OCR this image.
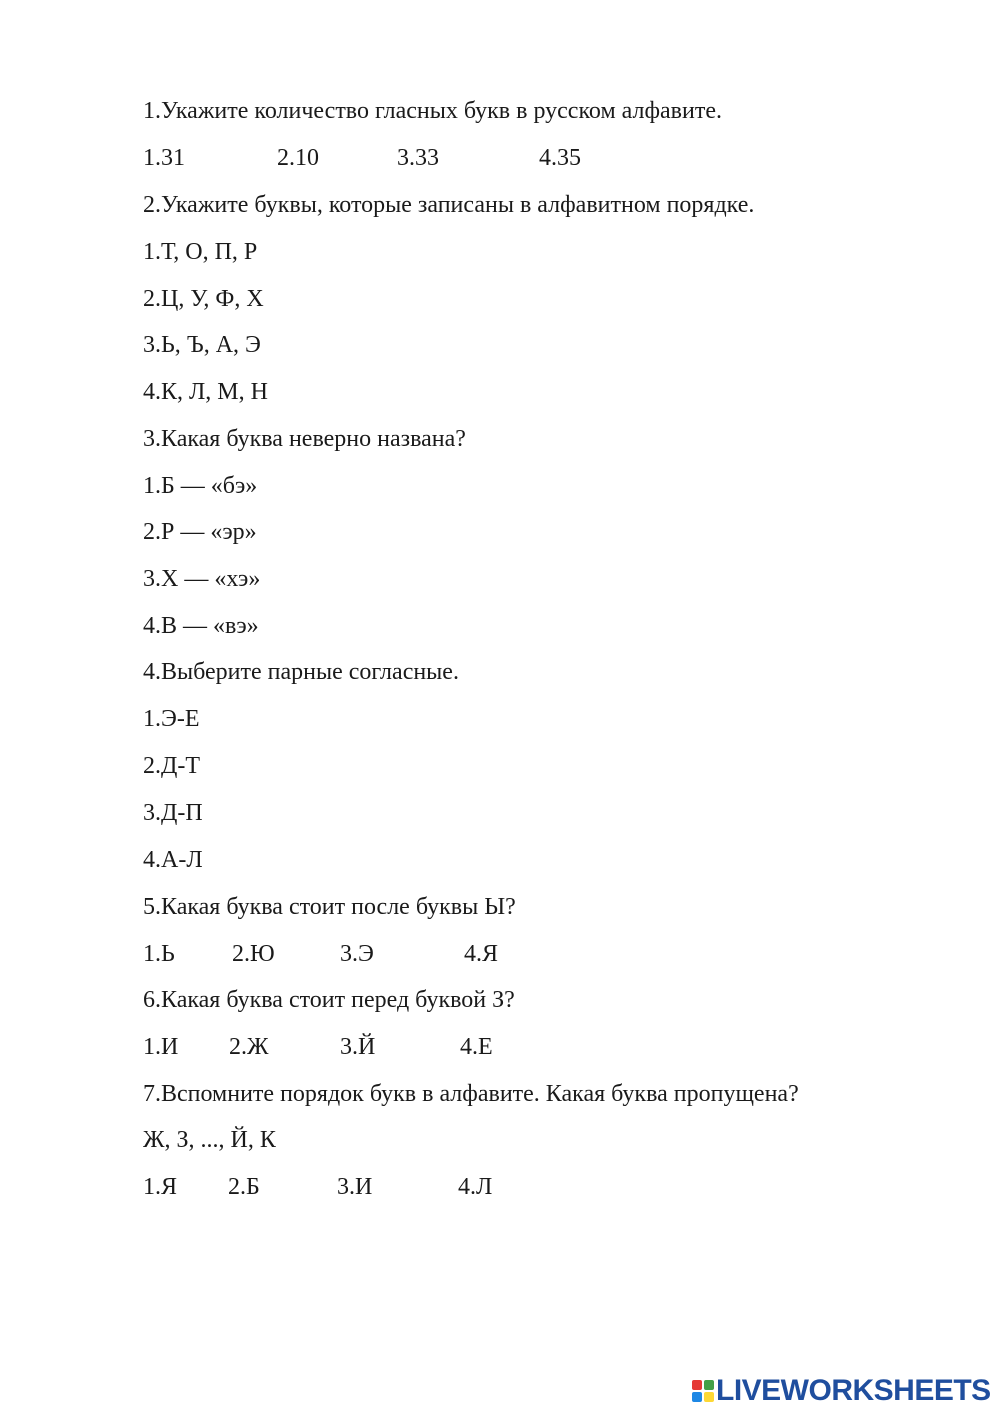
1.Укажите количество гласных букв в русском алфавите.
1.31	2.10	3.33	4.35
2.Укажите буквы, которые записаны в алфавитном порядке.
1.Т, О, П, Р
2.Ц, У, Ф, Х
3.Ь, Ъ, А, Э
4.К, Л, М, Н
3.Какая буква неверно названа?
1.Б — «бэ»
2.Р — «эр»
3.Х — «хэ»
4.В — «вэ»
4.Выберите парные согласные.
1.Э-Е
2.Д-Т
3.Д-П
4.А-Л
5.Какая буква стоит после буквы Ы?
1.Ь 2.Ю	3.Э	4.Я
6.Какая буква стоит перед буквой З?
1.И 2.Ж	3.Й	4.Е
7.Вспомните порядок букв в алфавите. Какая буква пропущена?
Ж, З, ..., Й, К
1.Я 2.Б	3.И	4.Л
LIVEWORKSHEETS
